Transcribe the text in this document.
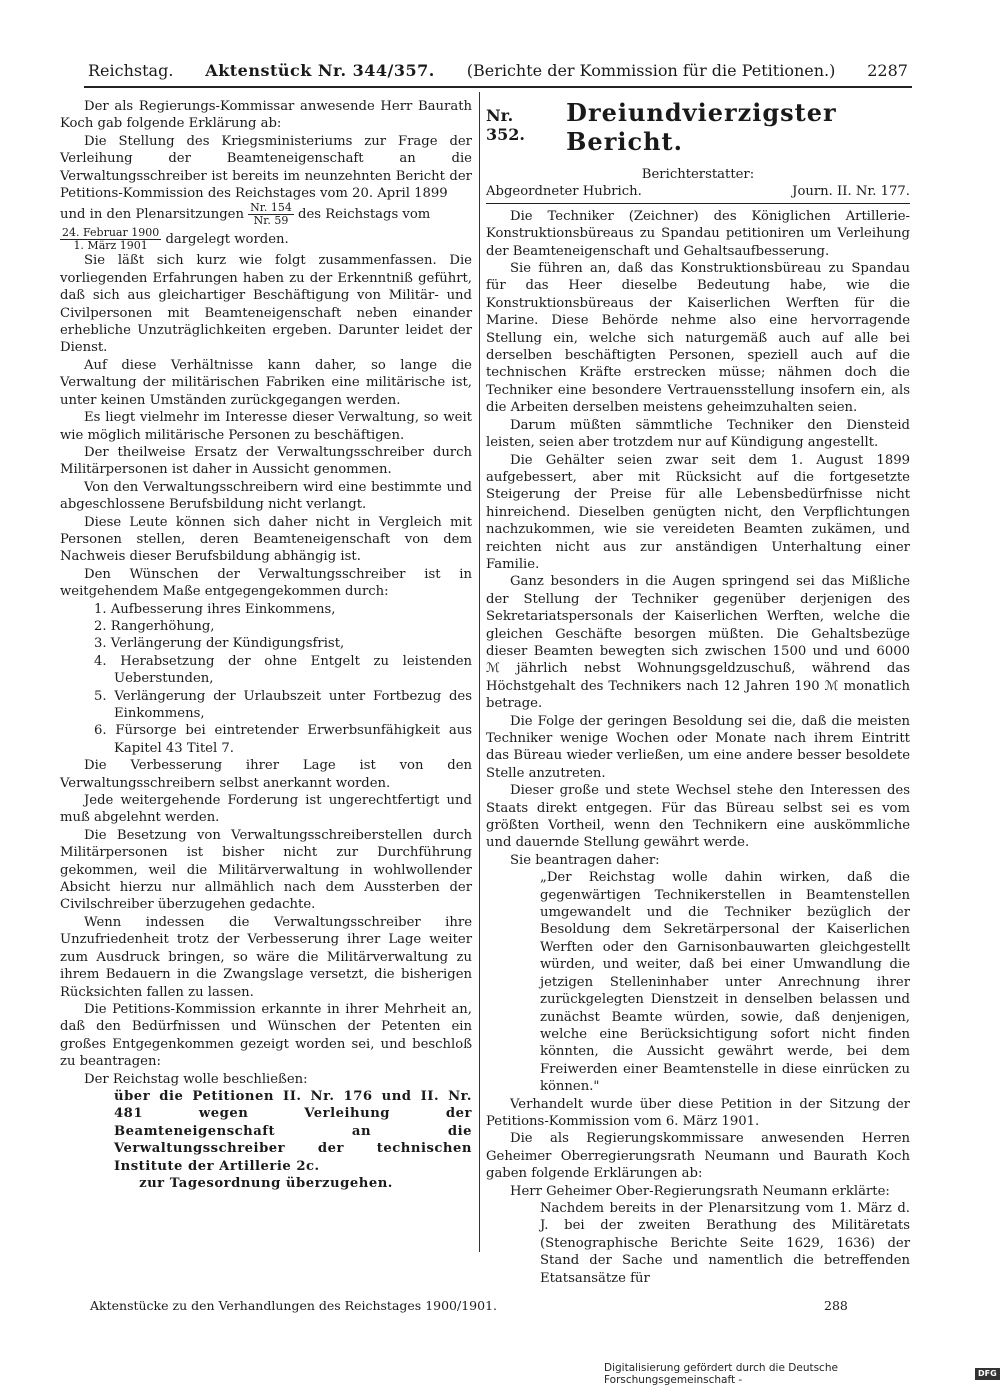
Reichstag. Aktenstück Nr. 344/357. (Berichte der Kommission für die Petitionen.) 2287

Der als Regierungs-Kommissar anwesende Herr Baurath Koch gab folgende Erklärung ab:

Die Stellung des Kriegsministeriums zur Frage der Verleihung der Beamteneigenschaft an die Verwaltungsschreiber ist bereits im neunzehnten Bericht der Petitions-Kommission des Reichstages vom 20. April 1899

und in den Plenarsitzungen $\frac{Nr. 154}{Nr. 59}$ des Reichstags vom

$\frac{\text{24. Februar 1900}}{\text{1. März 1901}}$ dargelegt worden.

Sie läßt sich kurz wie folgt zusammenfassen. Die vorliegenden Erfahrungen haben zu der Erkenntniß geführt, daß sich aus gleichartiger Beschäftigung von Militär- und Civilpersonen mit Beamteneigenschaft neben einander erhebliche Unzuträglichkeiten ergeben. Darunter leidet der Dienst.

Auf diese Verhältnisse kann daher, so lange die Verwaltung der militärischen Fabriken eine militärische ist, unter keinen Umständen zurückgegangen werden.

Es liegt vielmehr im Interesse dieser Verwaltung, so weit wie möglich militärische Personen zu beschäftigen.

Der theilweise Ersatz der Verwaltungsschreiber durch Militärpersonen ist daher in Aussicht genommen.

Von den Verwaltungsschreibern wird eine bestimmte und abgeschlossene Berufsbildung nicht verlangt.

Diese Leute können sich daher nicht in Vergleich mit Personen stellen, deren Beamteneigenschaft von dem Nachweis dieser Berufsbildung abhängig ist.

Den Wünschen der Verwaltungsschreiber ist in weitgehendem Maße entgegengekommen durch:

1. Aufbesserung ihres Einkommens,

2. Rangerhöhung,

3. Verlängerung der Kündigungsfrist,

4. Herabsetzung der ohne Entgelt zu leistenden Ueberstunden,

5. Verlängerung der Urlaubszeit unter Fortbezug des Einkommens,

6. Fürsorge bei eintretender Erwerbsunfähigkeit aus Kapitel 43 Titel 7.

Die Verbesserung ihrer Lage ist von den Verwaltungsschreibern selbst anerkannt worden.

Jede weitergehende Forderung ist ungerechtfertigt und muß abgelehnt werden.

Die Besetzung von Verwaltungsschreiberstellen durch Militärpersonen ist bisher nicht zur Durchführung gekommen, weil die Militärverwaltung in wohlwollender Absicht hierzu nur allmählich nach dem Aussterben der Civilschreiber überzugehen gedachte.

Wenn indessen die Verwaltungsschreiber ihre Unzufriedenheit trotz der Verbesserung ihrer Lage weiter zum Ausdruck bringen, so wäre die Militärverwaltung zu ihrem Bedauern in die Zwangslage versetzt, die bisherigen Rücksichten fallen zu lassen.

Die Petitions-Kommission erkannte in ihrer Mehrheit an, daß den Bedürfnissen und Wünschen der Petenten ein großes Entgegenkommen gezeigt worden sei, und beschloß zu beantragen:

Der Reichstag wolle beschließen:

über die Petitionen II. Nr. 176 und II. Nr. 481 wegen Verleihung der Beamteneigenschaft an die Verwaltungsschreiber der technischen Institute der Artillerie 2c.

zur Tagesordnung überzugehen.

Nr. 352.
Dreiundvierzigster Bericht.
Berichterstatter:
Abgeordneter Hubrich.	Journ. II. Nr. 177.

Die Techniker (Zeichner) des Königlichen Artillerie-Konstruktionsbüreaus zu Spandau petitioniren um Verleihung der Beamteneigenschaft und Gehaltsaufbesserung.

Sie führen an, daß das Konstruktionsbüreau zu Spandau für das Heer dieselbe Bedeutung habe, wie die Konstruktionsbüreaus der Kaiserlichen Werften für die Marine. Diese Behörde nehme also eine hervorragende Stellung ein, welche sich naturgemäß auch auf alle bei derselben beschäftigten Personen, speziell auch auf die technischen Kräfte erstrecken müsse; nähmen doch die Techniker eine besondere Vertrauensstellung insofern ein, als die Arbeiten derselben meistens geheimzuhalten seien.

Darum müßten sämmtliche Techniker den Diensteid leisten, seien aber trotzdem nur auf Kündigung angestellt.

Die Gehälter seien zwar seit dem 1. August 1899 aufgebessert, aber mit Rücksicht auf die fortgesetzte Steigerung der Preise für alle Lebensbedürfnisse nicht hinreichend. Dieselben genügten nicht, den Verpflichtungen nachzukommen, wie sie vereideten Beamten zukämen, und reichten nicht aus zur anständigen Unterhaltung einer Familie.

Ganz besonders in die Augen springend sei das Mißliche der Stellung der Techniker gegenüber derjenigen des Sekretariatspersonals der Kaiserlichen Werften, welche die gleichen Geschäfte besorgen müßten. Die Gehaltsbezüge dieser Beamten bewegten sich zwischen 1500 und und 6000 ℳ jährlich nebst Wohnungsgeldzuschuß, während das Höchstgehalt des Technikers nach 12 Jahren 190 ℳ monatlich betrage.

Die Folge der geringen Besoldung sei die, daß die meisten Techniker wenige Wochen oder Monate nach ihrem Eintritt das Büreau wieder verließen, um eine andere besser besoldete Stelle anzutreten.

Dieser große und stete Wechsel stehe den Interessen des Staats direkt entgegen. Für das Büreau selbst sei es vom größten Vortheil, wenn den Technikern eine auskömmliche und dauernde Stellung gewährt werde.

Sie beantragen daher:

„Der Reichstag wolle dahin wirken, daß die gegenwärtigen Technikerstellen in Beamtenstellen umgewandelt und die Techniker bezüglich der Besoldung dem Sekretärpersonal der Kaiserlichen Werften oder den Garnisonbauwarten gleichgestellt würden, und weiter, daß bei einer Umwandlung die jetzigen Stelleninhaber unter Anrechnung ihrer zurückgelegten Dienstzeit in denselben belassen und zunächst Beamte würden, sowie, daß denjenigen, welche eine Berücksichtigung sofort nicht finden könnten, die Aussicht gewährt werde, bei dem Freiwerden einer Beamtenstelle in diese einrücken zu können."

Verhandelt wurde über diese Petition in der Sitzung der Petitions-Kommission vom 6. März 1901.

Die als Regierungskommissare anwesenden Herren Geheimer Oberregierungsrath Neumann und Baurath Koch gaben folgende Erklärungen ab:

Herr Geheimer Ober-Regierungsrath Neumann erklärte:

Nachdem bereits in der Plenarsitzung vom 1. März d. J. bei der zweiten Berathung des Militäretats (Stenographische Berichte Seite 1629, 1636) der Stand der Sache und namentlich die betreffenden Etatsansätze für

Aktenstücke zu den Verhandlungen des Reichstages 1900/1901.	288
Digitalisierung gefördert durch die Deutsche Forschungsgemeinschaft -
DFG
